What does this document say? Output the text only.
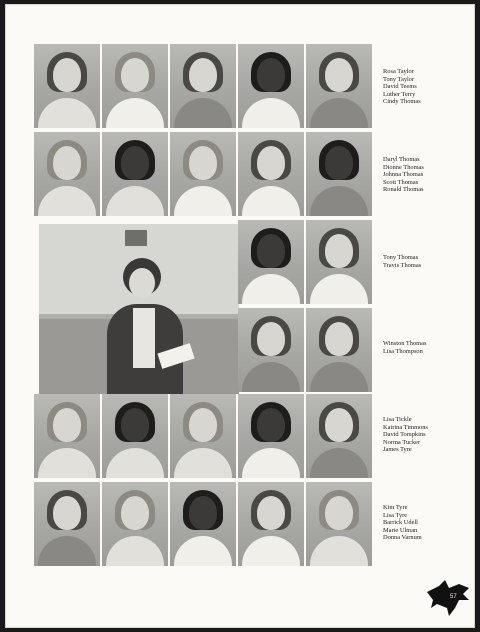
Rosa Taylor
Tony Taylor
David Teems
Luther Terry
Cindy Thomas
Daryl Thomas
Dionne Thomas
Johnna Thomas
Scott Thomas
Ronald Thomas
Tony Thomas
Travis Thomas
Winston Thomas
Lisa Thompson
Lisa Tickle
Katrina Timmons
David Tompkins
Norma Tucker
James Tyre
Kim Tyre
Lisa Tyre
Barrick Udell
Marie Ulman
Donna Varnum
57
